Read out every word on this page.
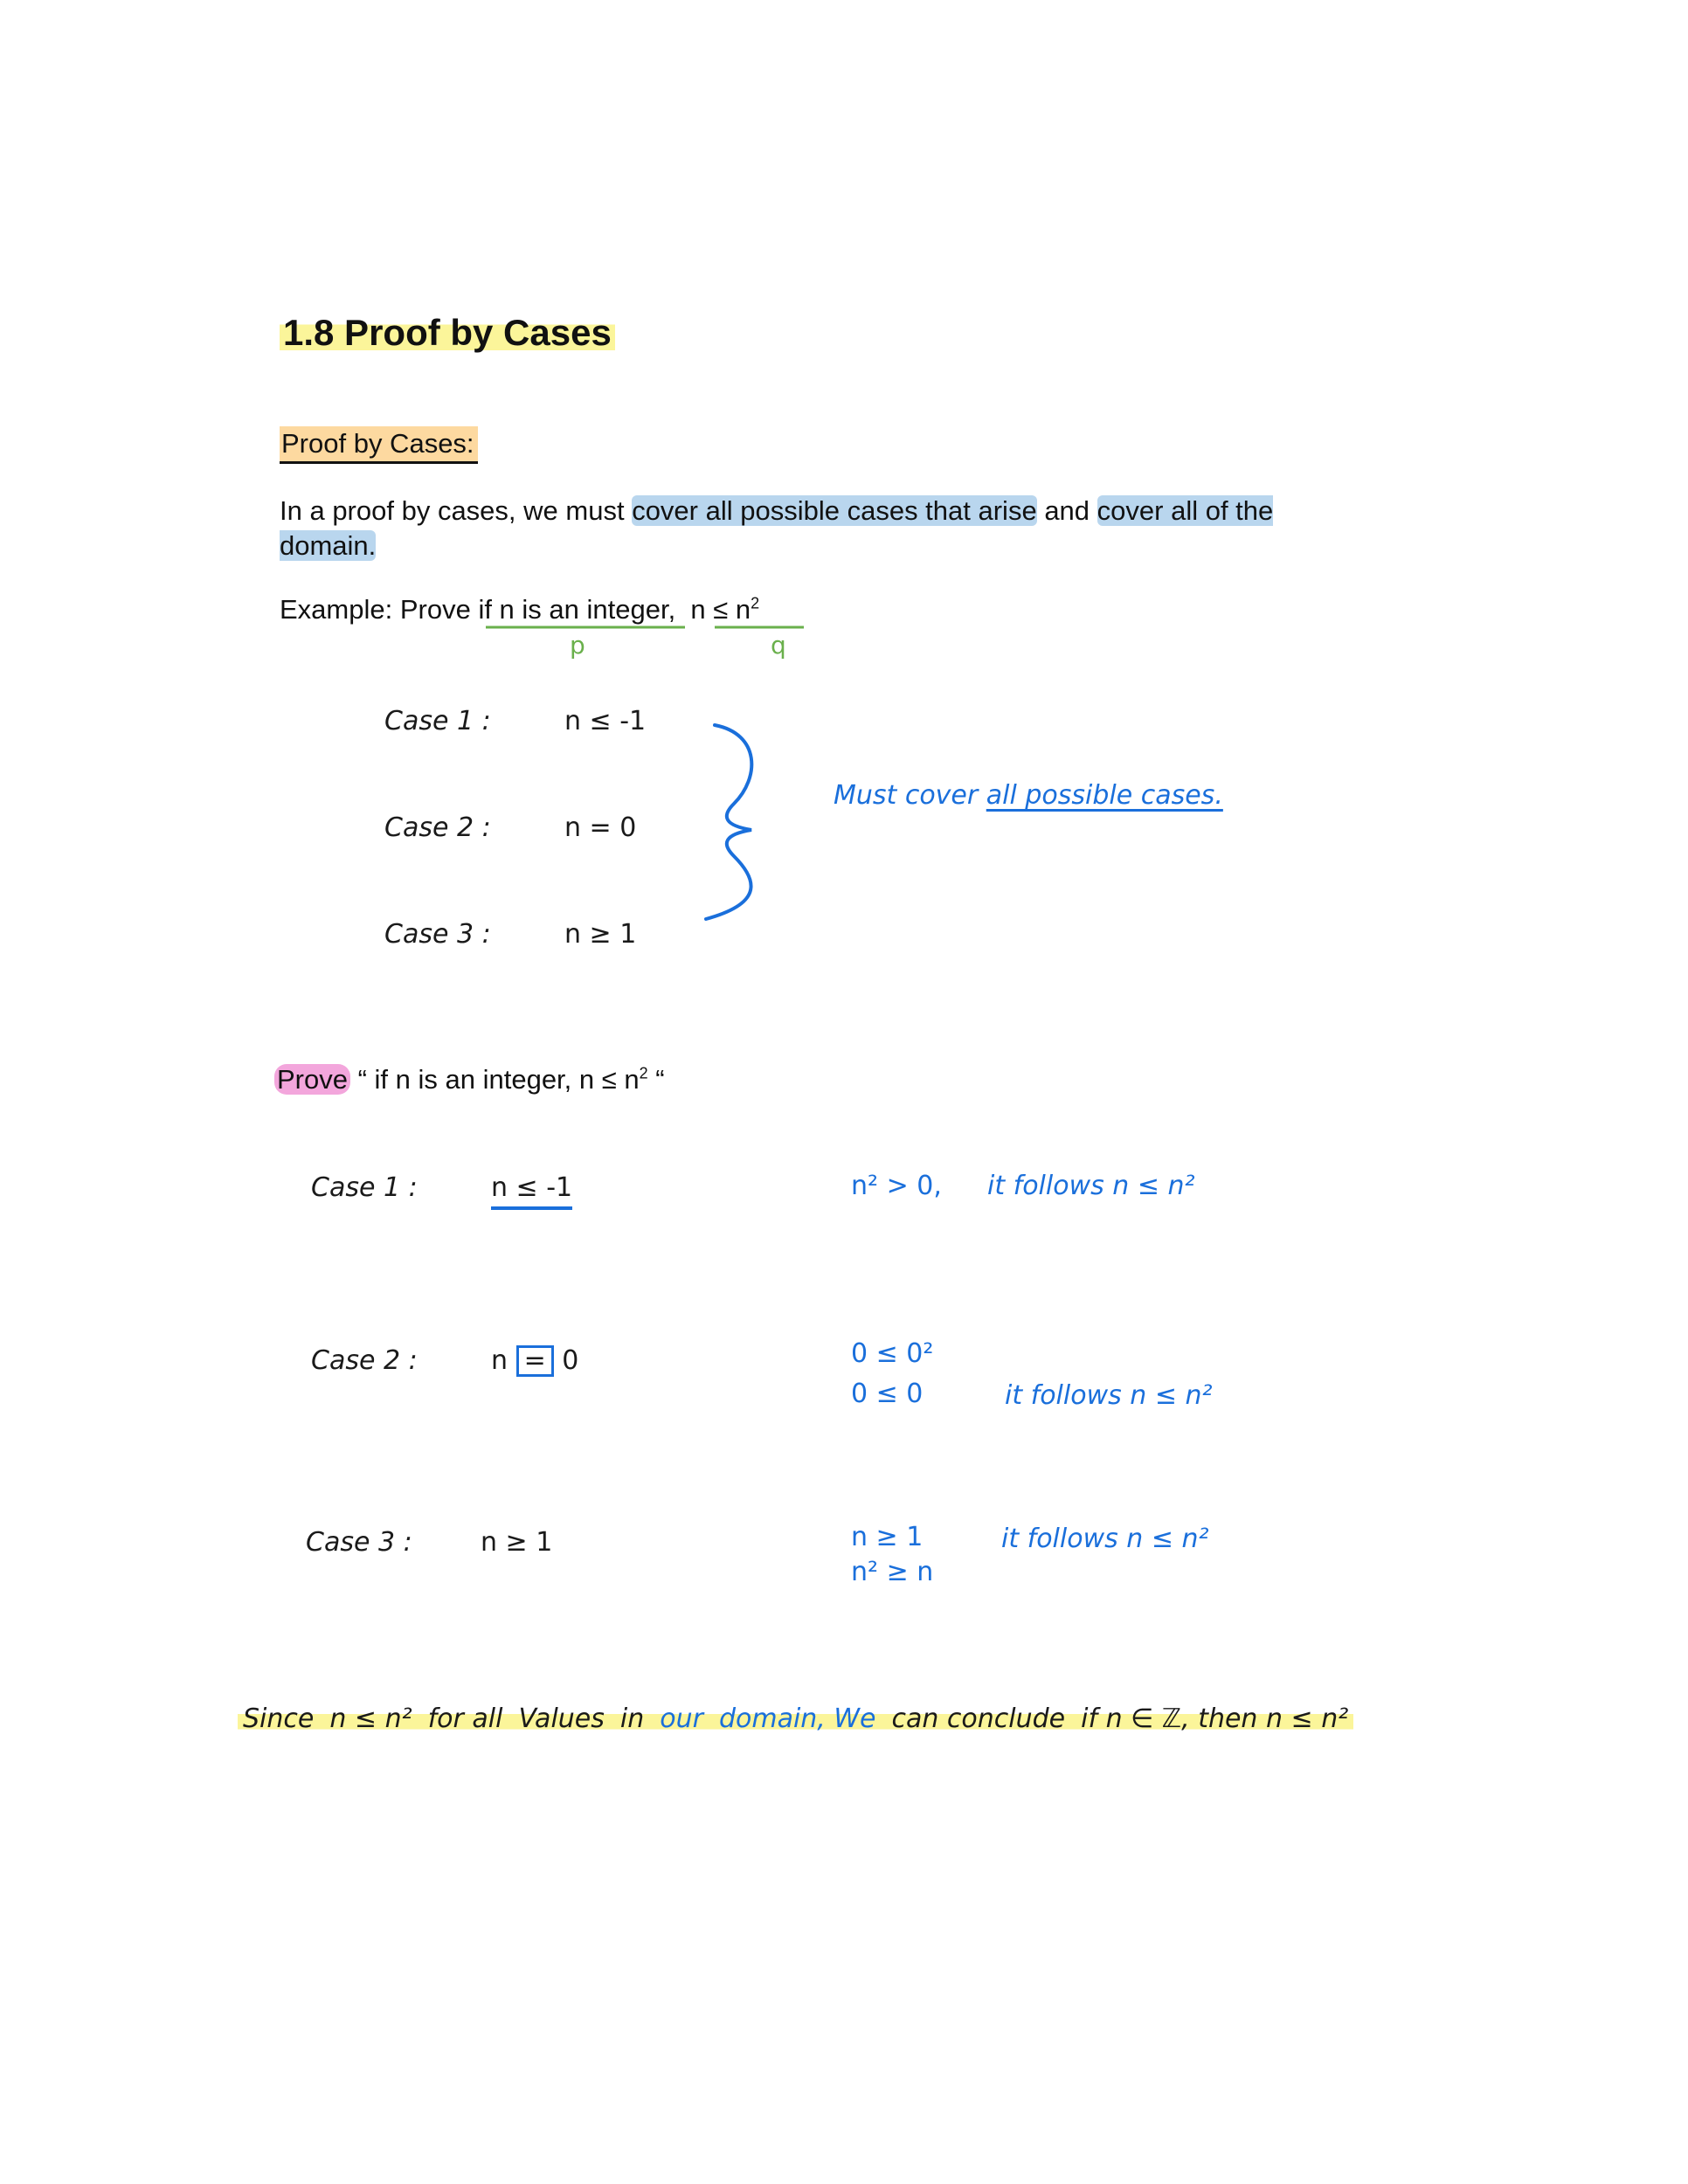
1.8 Proof by Cases
Proof by Cases:
In a proof by cases, we must cover all possible cases that arise and cover all of the domain.
Example: Prove if n is an integer, $n \le n^2$
p	q
Case 1 :	n ≤ -1
Case 2 :	n = 0
Case 3 :	n ≥ 1
Must cover all possible cases.
Prove “ if n is an integer, $n \le n^2$ “
Case 1 :	n ≤ -1	n² > 0, it follows n ≤ n²
Case 2 :	n = 0	0 ≤ 0²
0 ≤ 0	it follows n ≤ n²
Case 3 :	n ≥ 1	n ≥ 1
n² ≥ n
it follows n ≤ n²
Since n ≤ n² for all Values in our domain, We can conclude if n ∈ ℤ, then n ≤ n²
